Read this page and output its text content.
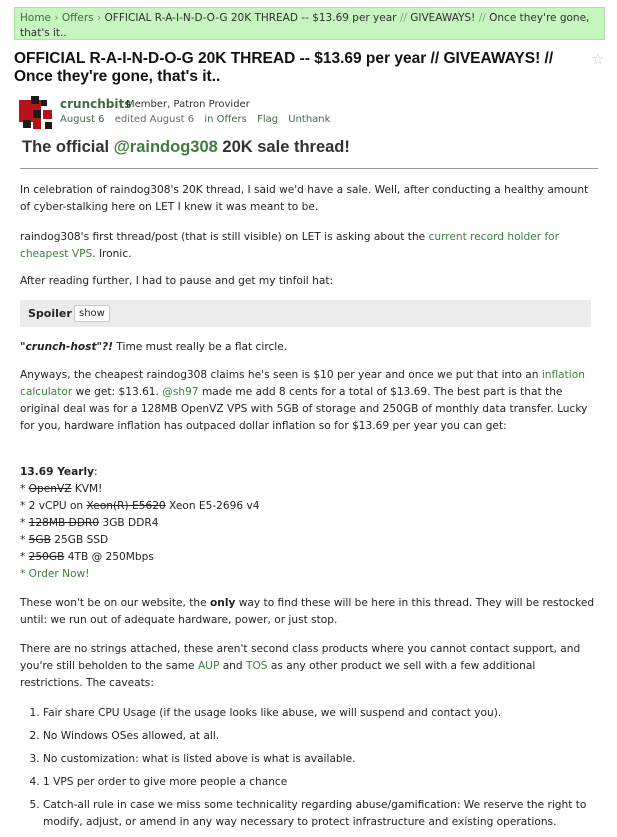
Home › Offers › OFFICIAL R-A-I-N-D-O-G 20K THREAD -- $13.69 per year // GIVEAWAYS! // Once they're gone, that's it..
OFFICIAL R-A-I-N-D-O-G 20K THREAD -- $13.69 per year // GIVEAWAYS! // Once they're gone, that's it..
☆
crunchbits
Member, Patron Provider
August 6 edited August 6 in Offers Flag Unthank
The official @raindog308 20K sale thread!
In celebration of raindog308's 20K thread, I said we'd have a sale. Well, after conducting a healthy amount of cyber-stalking here on LET I knew it was meant to be.
raindog308's first thread/post (that is still visible) on LET is asking about the current record holder for cheapest VPS. Ironic.
After reading further, I had to pause and get my tinfoil hat:
Spoiler show
"crunch-host"?! Time must really be a flat circle.
Anyways, the cheapest raindog308 claims he's seen is $10 per year and once we put that into an inflation calculator we get: $13.61. @sh97 made me add 8 cents for a total of $13.69. The best part is that the original deal was for a 128MB OpenVZ VPS with 5GB of storage and 250GB of monthly data transfer. Lucky for you, hardware inflation has outpaced dollar inflation so for $13.69 per year you can get:
13.69 Yearly:
* OpenVZ KVM!
* 2 vCPU on Xeon(R) E5620 Xeon E5-2696 v4
* 128MB DDR0 3GB DDR4
* 5GB 25GB SSD
* 250GB 4TB @ 250Mbps
* Order Now!
These won't be on our website, the only way to find these will be here in this thread. They will be restocked until: we run out of adequate hardware, power, or just stop.
There are no strings attached, these aren't second class products where you cannot contact support, and you're still beholden to the same AUP and TOS as any other product we sell with a few additional restrictions. The caveats:
1. Fair share CPU Usage (if the usage looks like abuse, we will suspend and contact you).
2. No Windows OSes allowed, at all.
3. No customization: what is listed above is what is available.
4. 1 VPS per order to give more people a chance
5. Catch-all rule in case we miss some technicality regarding abuse/gamification: We reserve the right to modify, adjust, or amend in any way necessary to protect infrastructure and existing operations.
